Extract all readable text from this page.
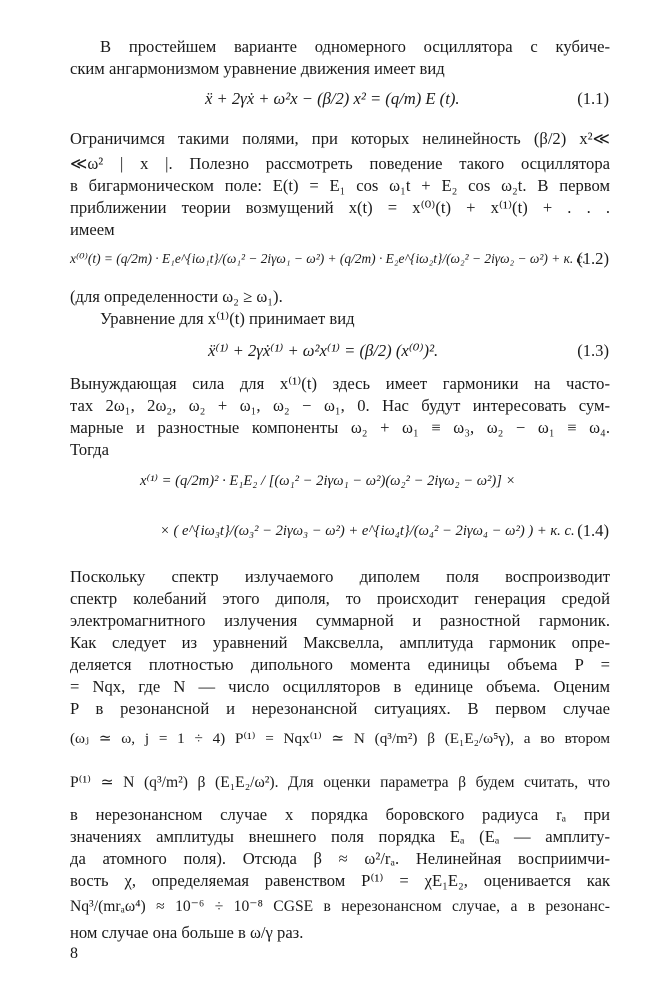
В простейшем варианте одномерного осциллятора с кубиче-
ским ангармонизмом уравнение движения имеет вид
ẍ + 2γẋ + ω²x − (β/2) x² = (q/m) E (t).	(1.1)
Ограничимся такими полями, при которых нелинейность (β/2) x²≪
≪ω² | x |. Полезно рассмотреть поведение такого осциллятора
в бигармоническом поле: E(t) = E₁ cos ω₁t + E₂ cos ω₂t. В первом
приближении теории возмущений x(t) = x⁽⁰⁾(t) + x⁽¹⁾(t) + . . .
имеем
x⁽⁰⁾(t) = (q/2m) · E₁e^{iω₁t}/(ω₁² − 2iγω₁ − ω²) + (q/2m) · E₂e^{iω₂t}/(ω₂² − 2iγω₂ − ω²) + к. с.
(1.2)
(для определенности ω₂ ≥ ω₁).
Уравнение для x⁽¹⁾(t) принимает вид
ẍ⁽¹⁾ + 2γẋ⁽¹⁾ + ω²x⁽¹⁾ = (β/2) (x⁽⁰⁾)².	(1.3)
Вынуждающая сила для x⁽¹⁾(t) здесь имеет гармоники на часто-
тах 2ω₁, 2ω₂, ω₂ + ω₁, ω₂ − ω₁, 0. Нас будут интересовать сум-
марные и разностные компоненты ω₂ + ω₁ ≡ ω₃, ω₂ − ω₁ ≡ ω₄.
Тогда
x⁽¹⁾ = (q/2m)² · E₁E₂ / [(ω₁² − 2iγω₁ − ω²)(ω₂² − 2iγω₂ − ω²)] ×
× ( e^{iω₃t}/(ω₃² − 2iγω₃ − ω²) + e^{iω₄t}/(ω₄² − 2iγω₄ − ω²) ) + к. с. (1.4)
Поскольку спектр излучаемого диполем поля воспроизводит
спектр колебаний этого диполя, то происходит генерация средой
электромагнитного излучения суммарной и разностной гармоник.
Как следует из уравнений Максвелла, амплитуда гармоник опре-
деляется плотностью дипольного момента единицы объема P =
= Nqx, где N — число осцилляторов в единице объема. Оценим
P в резонансной и нерезонансной ситуациях. В первом случае
(ωⱼ ≃ ω, j = 1 ÷ 4) P⁽¹⁾ = Nqx⁽¹⁾ ≃ N (q³/m²) β (E₁E₂/ω⁵γ), а во втором
P⁽¹⁾ ≃ N (q³/m²) β (E₁E₂/ω²). Для оценки параметра β будем считать, что
в нерезонансном случае x порядка боровского радиуса rₐ при
значениях амплитуды внешнего поля порядка Eₐ (Eₐ — амплиту-
да атомного поля). Отсюда β ≈ ω²/rₐ. Нелинейная восприимчи-
вость χ, определяемая равенством P⁽¹⁾ = χE₁E₂, оценивается как
Nq³/(mrₐω⁴) ≈ 10⁻⁶ ÷ 10⁻⁸ CGSE в нерезонансном случае, а в резонанс-
ном случае она больше в ω/γ раз.
8
